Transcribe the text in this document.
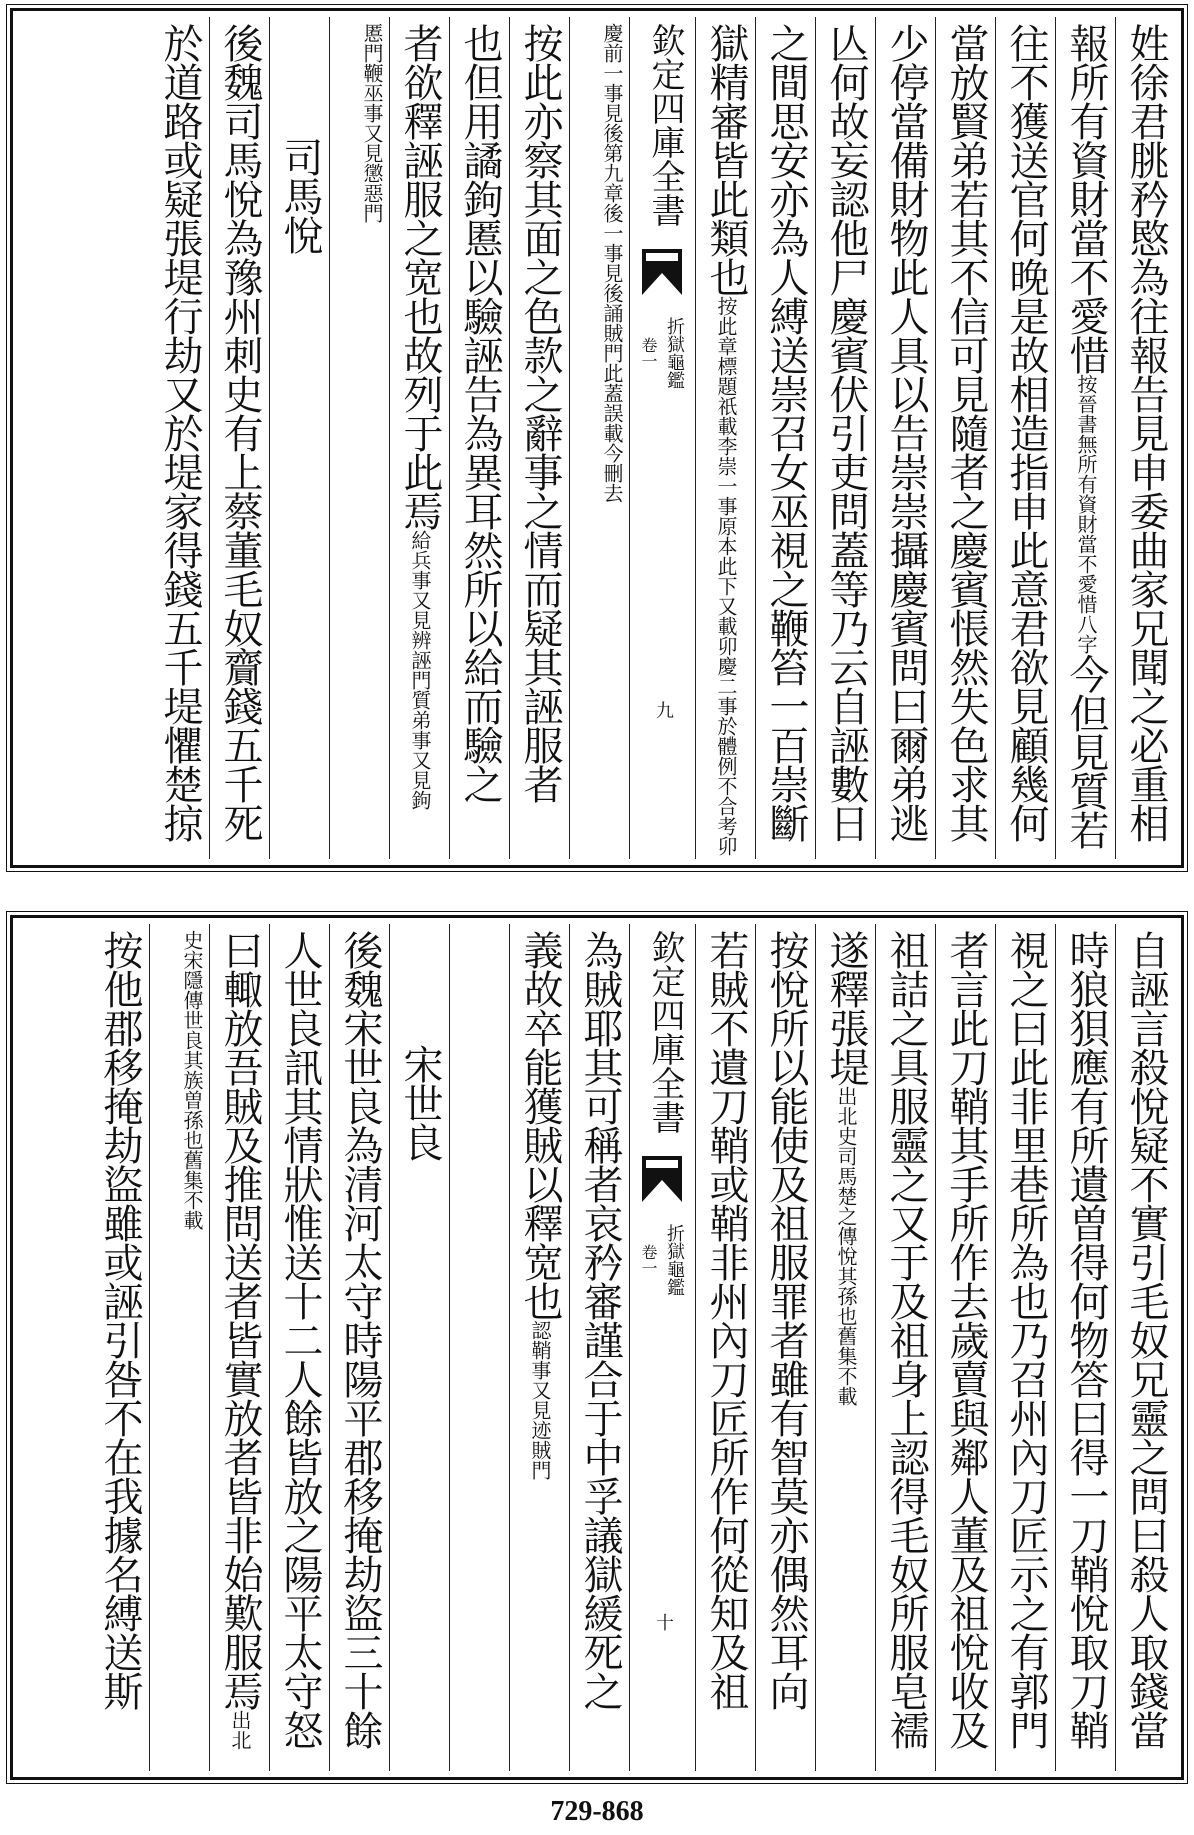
姓徐君朓矜愍為往報告見申委曲家兄聞之必重相
報所有資財當不愛惜按晉書無所有資財當不愛惜八字今但見質若
往不獲送官何晚是故相造指申此意君欲見顧幾何
當放賢弟若其不信可見隨者之慶賓悵然失色求其
少停當備財物此人具以告崇崇攝慶賓問曰爾弟逃
亾何故妄認他尸慶賓伏引吏問蓋等乃云自誣數日
之間思安亦為人縛送崇召女巫視之鞭笞一百崇斷
獄精審皆此類也按此章標題祇載李崇一事原本此下又載卯慶二事於體例不合考卯
欽定四庫全書
折獄龜鑑
卷一
九
慶前一事見後第九章後一事見後誦賊門此蓋誤載今刪去
按此亦察其面之色款之辭事之情而疑其誣服者
也但用譎鉤慝以驗誣告為異耳然所以給而驗之
者欲釋誣服之宽也故列于此焉給兵事又見辨誣門質弟事又見鉤
慝門鞭巫事又見懲惡門
司馬悅
後魏司馬悅為豫州刺史有上蔡董毛奴齎錢五千死
於道路或疑張堤行劫又於堤家得錢五千堤懼楚掠
自誣言殺悅疑不實引毛奴兄靈之問曰殺人取錢當
時狼狽應有所遺曽得何物答曰得一刀鞘悅取刀鞘
視之曰此非里巷所為也乃召州內刀匠示之有郭門
者言此刀鞘其手所作去歲賣與鄰人董及祖悅收及
祖詰之具服靈之又于及祖身上認得毛奴所服皂襦
遂釋張堤出北史司馬楚之傳悅其孫也舊集不載
按悅所以能使及祖服罪者雖有智莫亦偶然耳向
若賊不遺刀鞘或鞘非州內刀匠所作何從知及祖
欽定四庫全書
折獄龜鑑
卷一
十
為賊耶其可稱者哀矜審謹合于中孚議獄緩死之
義故卒能獲賊以釋宽也認鞘事又見迹賊門
宋世良
後魏宋世良為清河太守時陽平郡移掩劫盜三十餘
人世良訊其情狀惟送十二人餘皆放之陽平太守怒
曰輙放吾賊及推問送者皆實放者皆非始歎服焉出北
史宋隱傳世良其族曽孫也舊集不載
按他郡移掩劫盜雖或誣引咎不在我據名縛送斯
729-868
